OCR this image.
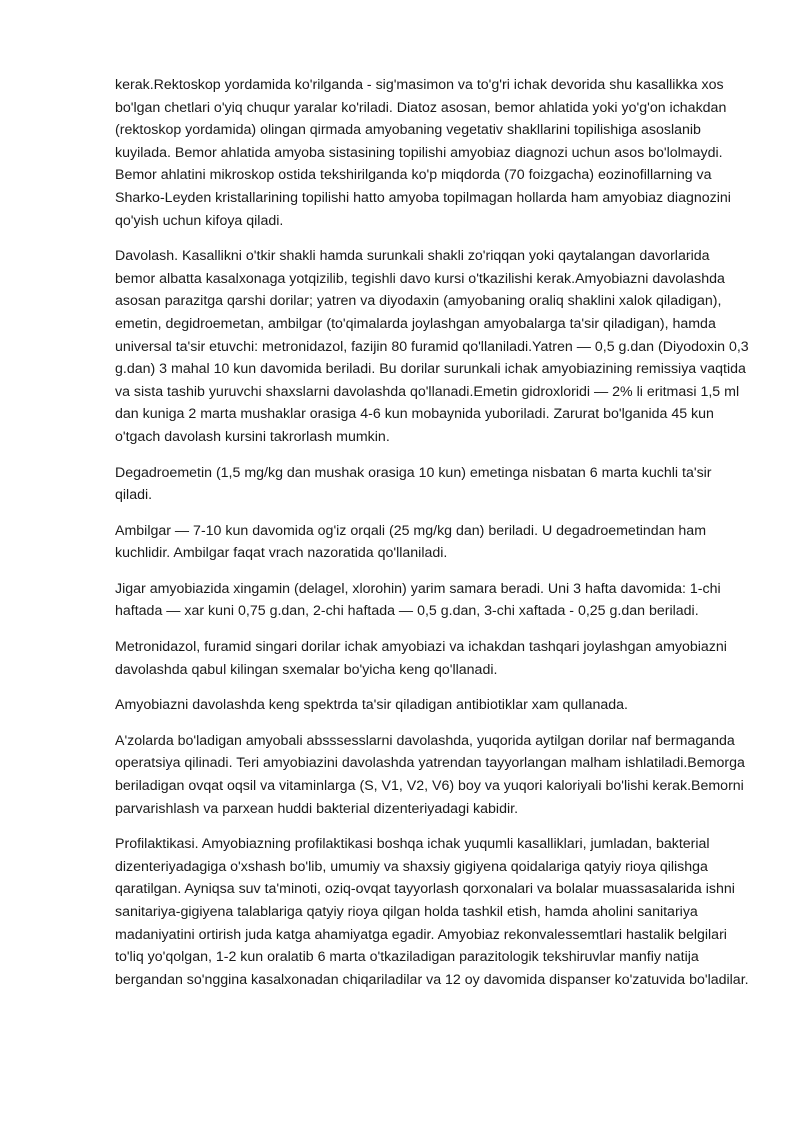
kerak.Rektoskop yordamida ko'rilganda - sig'masimon va to'g'ri ichak devorida shu kasallikka xos bo'lgan chetlari o'yiq chuqur yaralar ko'riladi. Diatoz asosan, bemor ahlatida yoki yo'g'on ichakdan (rektoskop yordamida) olingan qirmada amyobaning vegetativ shakllarini topilishiga asoslanib kuyilada. Bemor ahlatida amyoba sistasining topilishi amyobiaz diagnozi uchun asos bo'lolmaydi. Bemor ahlatini mikroskop ostida tekshirilganda ko'p miqdorda (70 foizgacha) eozinofillarning va Sharko-Leyden kristallarining topilishi hatto amyoba topilmagan hollarda ham amyobiaz diagnozini qo'yish uchun kifoya qiladi.

Davolash. Kasallikni o'tkir shakli hamda surunkali shakli zo'riqqan yoki qaytalangan davorlarida bemor albatta kasalxonaga yotqizilib, tegishli davo kursi o'tkazilishi kerak.Amyobiazni davolashda asosan parazitga qarshi dorilar; yatren va diyodaxin (amyobaning oraliq shaklini xalok qiladigan), emetin, degidroemetan, ambilgar (to'qimalarda joylashgan amyobalarga ta'sir qiladigan), hamda universal ta'sir etuvchi: metronidazol, fazijin 80 furamid qo'llaniladi.Yatren — 0,5 g.dan (Diyodoxin 0,3 g.dan) 3 mahal 10 kun davomida beriladi. Bu dorilar surunkali ichak amyobiazining remissiya vaqtida va sista tashib yuruvchi shaxslarni davolashda qo'llanadi.Emetin gidroxloridi — 2% li eritmasi 1,5 ml dan kuniga 2 marta mushaklar orasiga 4-6 kun mobaynida yuboriladi. Zarurat bo'lganida 45 kun o'tgach davolash kursini takrorlash mumkin.

Degadroemetin (1,5 mg/kg dan mushak orasiga 10 kun) emetinga nisbatan 6 marta kuchli ta'sir qiladi.

Ambilgar — 7-10 kun davomida og'iz orqali (25 mg/kg dan) beriladi. U degadroemetindan ham kuchlidir. Ambilgar faqat vrach nazoratida qo'llaniladi.

Jigar amyobiazida xingamin (delagel, xlorohin) yarim samara beradi. Uni 3 hafta davomida: 1-chi haftada — xar kuni 0,75 g.dan, 2-chi haftada — 0,5 g.dan, 3-chi xaftada - 0,25 g.dan beriladi.

Metronidazol, furamid singari dorilar ichak amyobiazi va ichakdan tashqari joylashgan amyobiazni davolashda qabul kilingan sxemalar bo'yicha keng qo'llanadi.

Amyobiazni davolashda keng spektrda ta'sir qiladigan antibiotiklar xam qullanada.

A'zolarda bo'ladigan amyobali absssesslarni davolashda, yuqorida aytilgan dorilar naf bermaganda operatsiya qilinadi. Teri amyobiazini davolashda yatrendan tayyorlangan malham ishlatiladi.Bemorga beriladigan ovqat oqsil va vitaminlarga (S, V1, V2, V6) boy va yuqori kaloriyali bo'lishi kerak.Bemorni parvarishlash va parxean huddi bakterial dizenteriyadagi kabidir.

Profilaktikasi. Amyobiazning profilaktikasi boshqa ichak yuqumli kasalliklari, jumladan, bakterial dizenteriyadagiga o'xshash bo'lib, umumiy va shaxsiy gigiyena qoidalariga qatyiy rioya qilishga qaratilgan. Ayniqsa suv ta'minoti, oziq-ovqat tayyorlash qorxonalari va bolalar muassasalarida ishni sanitariya-gigiyena talablariga qatyiy rioya qilgan holda tashkil etish, hamda aholini sanitariya madaniyatini ortirish juda katga ahamiyatga egadir. Amyobiaz rekonvalessemtlari hastalik belgilari to'liq yo'qolgan, 1-2 kun oralatib 6 marta o'tkaziladigan parazitologik tekshiruvlar manfiy natija bergandan so'nggina kasalxonadan chiqariladilar va 12 oy davomida dispanser ko'zatuvida bo'ladilar.
